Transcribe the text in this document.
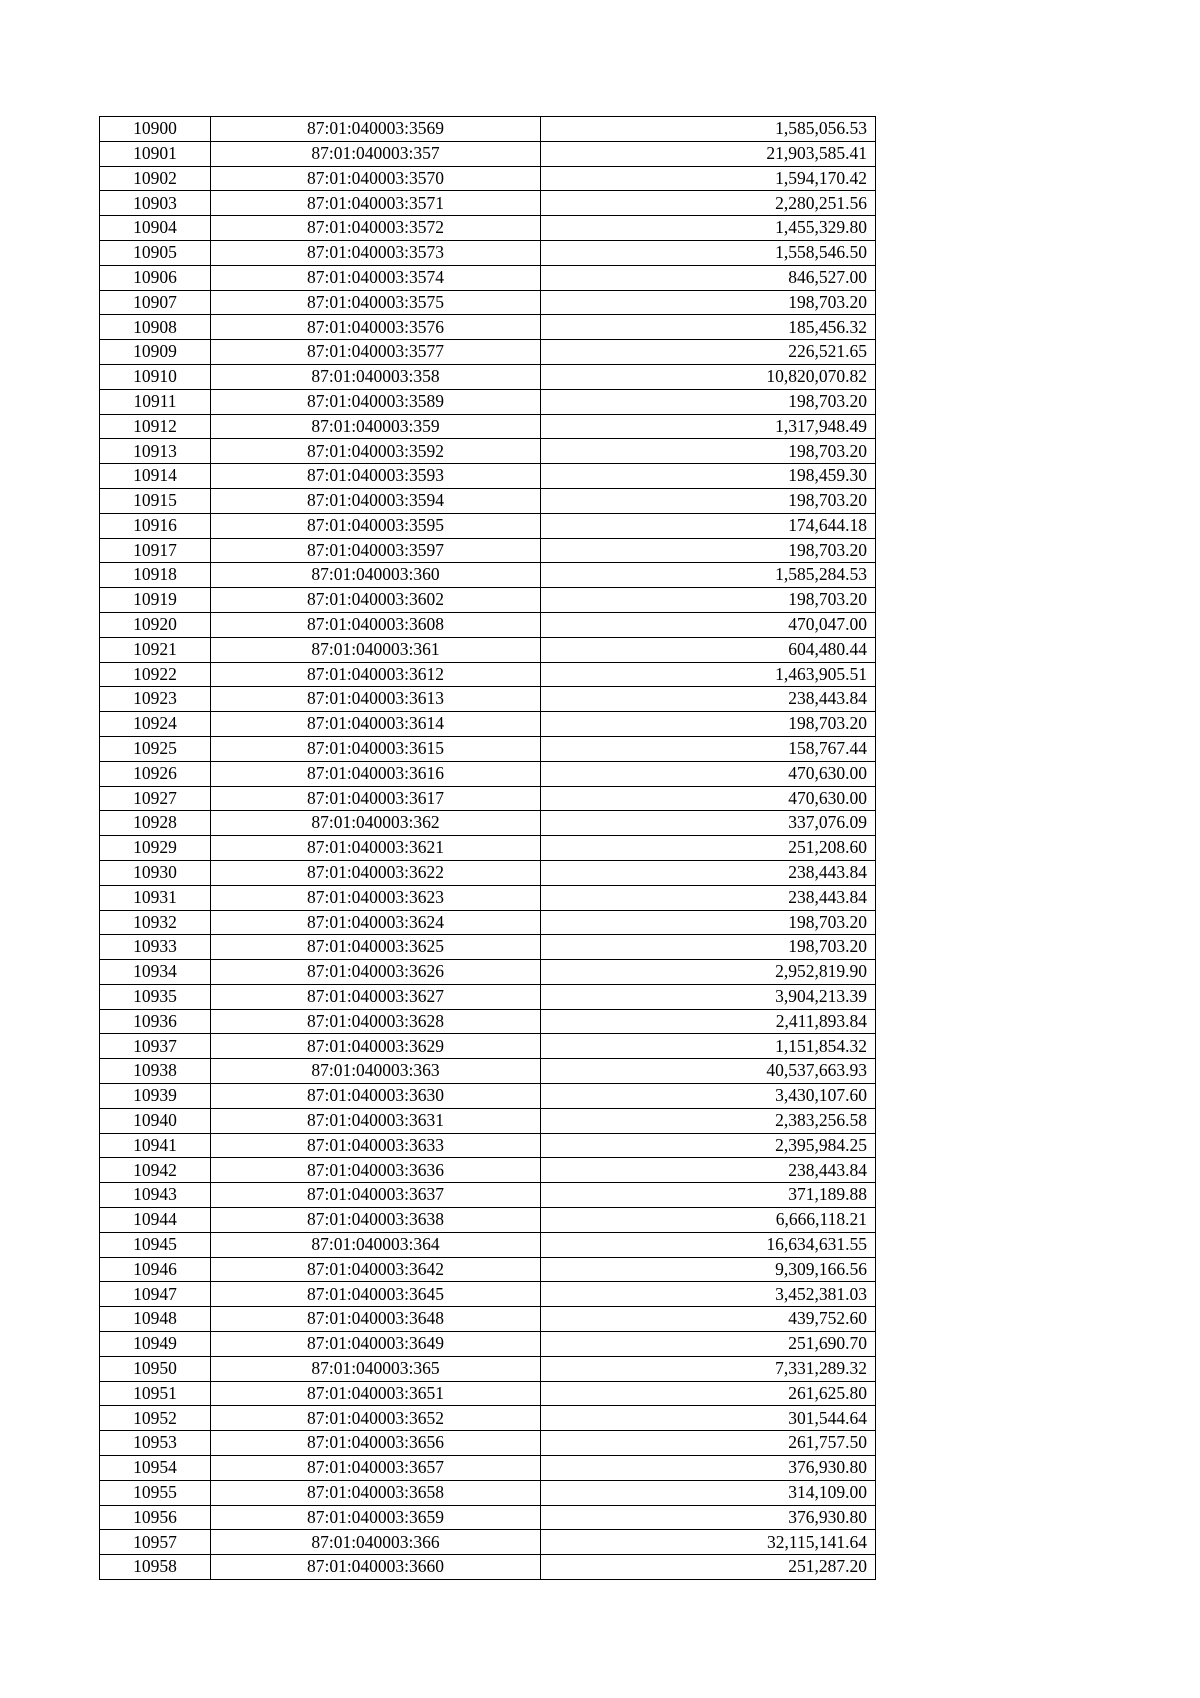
10900	87:01:040003:3569	1,585,056.53
10901	87:01:040003:357	21,903,585.41
10902	87:01:040003:3570	1,594,170.42
10903	87:01:040003:3571	2,280,251.56
10904	87:01:040003:3572	1,455,329.80
10905	87:01:040003:3573	1,558,546.50
10906	87:01:040003:3574	846,527.00
10907	87:01:040003:3575	198,703.20
10908	87:01:040003:3576	185,456.32
10909	87:01:040003:3577	226,521.65
10910	87:01:040003:358	10,820,070.82
10911	87:01:040003:3589	198,703.20
10912	87:01:040003:359	1,317,948.49
10913	87:01:040003:3592	198,703.20
10914	87:01:040003:3593	198,459.30
10915	87:01:040003:3594	198,703.20
10916	87:01:040003:3595	174,644.18
10917	87:01:040003:3597	198,703.20
10918	87:01:040003:360	1,585,284.53
10919	87:01:040003:3602	198,703.20
10920	87:01:040003:3608	470,047.00
10921	87:01:040003:361	604,480.44
10922	87:01:040003:3612	1,463,905.51
10923	87:01:040003:3613	238,443.84
10924	87:01:040003:3614	198,703.20
10925	87:01:040003:3615	158,767.44
10926	87:01:040003:3616	470,630.00
10927	87:01:040003:3617	470,630.00
10928	87:01:040003:362	337,076.09
10929	87:01:040003:3621	251,208.60
10930	87:01:040003:3622	238,443.84
10931	87:01:040003:3623	238,443.84
10932	87:01:040003:3624	198,703.20
10933	87:01:040003:3625	198,703.20
10934	87:01:040003:3626	2,952,819.90
10935	87:01:040003:3627	3,904,213.39
10936	87:01:040003:3628	2,411,893.84
10937	87:01:040003:3629	1,151,854.32
10938	87:01:040003:363	40,537,663.93
10939	87:01:040003:3630	3,430,107.60
10940	87:01:040003:3631	2,383,256.58
10941	87:01:040003:3633	2,395,984.25
10942	87:01:040003:3636	238,443.84
10943	87:01:040003:3637	371,189.88
10944	87:01:040003:3638	6,666,118.21
10945	87:01:040003:364	16,634,631.55
10946	87:01:040003:3642	9,309,166.56
10947	87:01:040003:3645	3,452,381.03
10948	87:01:040003:3648	439,752.60
10949	87:01:040003:3649	251,690.70
10950	87:01:040003:365	7,331,289.32
10951	87:01:040003:3651	261,625.80
10952	87:01:040003:3652	301,544.64
10953	87:01:040003:3656	261,757.50
10954	87:01:040003:3657	376,930.80
10955	87:01:040003:3658	314,109.00
10956	87:01:040003:3659	376,930.80
10957	87:01:040003:366	32,115,141.64
10958	87:01:040003:3660	251,287.20
